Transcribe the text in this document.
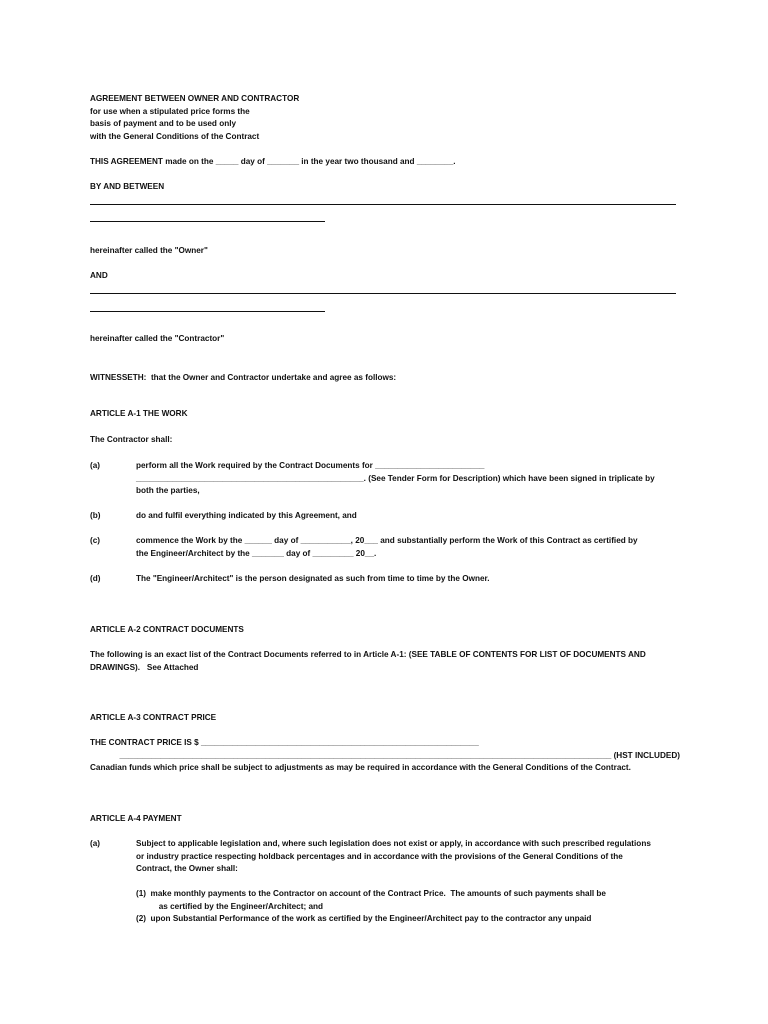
AGREEMENT BETWEEN OWNER AND CONTRACTOR

for use when a stipulated price forms the

basis of payment and to be used only

with the General Conditions of the Contract

THIS AGREEMENT made on the _____ day of _______ in the year two thousand and ________.

BY AND BETWEEN

hereinafter called the "Owner"

AND

hereinafter called the "Contractor"

WITNESSETH:  that the Owner and Contractor undertake and agree as follows:

ARTICLE A-1 THE WORK

The Contractor shall:

(a)	perform all the Work required by the Contract Documents for ________________________
__________________________________________________. (See Tender Form for Description) which have been signed in triplicate by
both the parties,

(b)	do and fulfil everything indicated by this Agreement, and

(c)	commence the Work by the ______ day of ___________, 20___ and substantially perform the Work of this Contract as certified by
the Engineer/Architect by the _______ day of _________ 20__.

(d)	The "Engineer/Architect" is the person designated as such from time to time by the Owner.

ARTICLE A-2 CONTRACT DOCUMENTS

The following is an exact list of the Contract Documents referred to in Article A-1: (SEE TABLE OF CONTENTS FOR LIST OF DOCUMENTS AND
DRAWINGS).   See Attached

ARTICLE A-3 CONTRACT PRICE

THE CONTRACT PRICE IS $ _____________________________________________________________

____________________________________________________________________________________________________________ (HST INCLUDED)

Canadian funds which price shall be subject to adjustments as may be required in accordance with the General Conditions of the Contract.

ARTICLE A-4 PAYMENT

(a)	Subject to applicable legislation and, where such legislation does not exist or apply, in accordance with such prescribed regulations
or industry practice respecting holdback percentages and in accordance with the provisions of the General Conditions of the
Contract, the Owner shall:

(1)  make monthly payments to the Contractor on account of the Contract Price.  The amounts of such payments shall be
as certified by the Engineer/Architect; and

(2)  upon Substantial Performance of the work as certified by the Engineer/Architect pay to the contractor any unpaid
